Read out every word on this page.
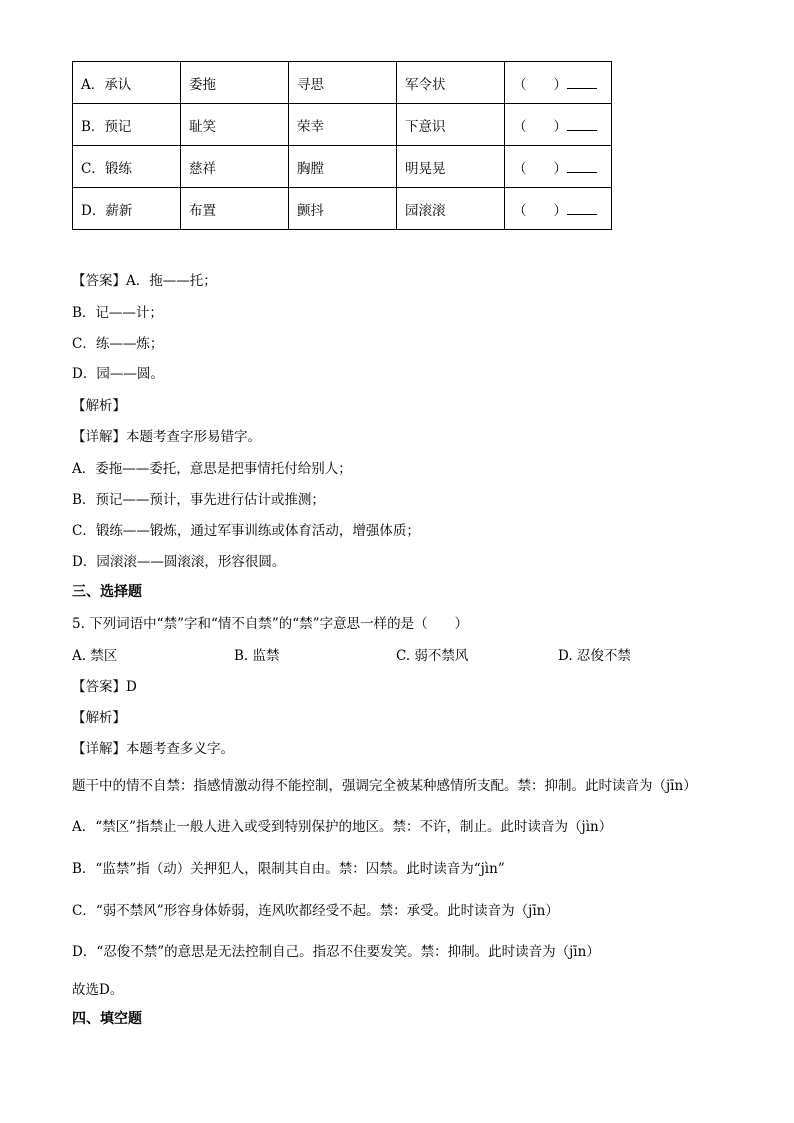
A．承认	委拖	寻思	军令状	（　　）
B．预记	耻笑	荣幸	下意识	（　　）
C．锻练	慈祥	胸膛	明晃晃	（　　）
D．薪新	布置	颤抖	园滚滚	（　　）
【答案】A．拖——托；
B．记——计；
C．练——炼；
D．园——圆。
【解析】
【详解】本题考查字形易错字。
A．委拖——委托，意思是把事情托付给别人；
B．预记——预计，事先进行估计或推测；
C．锻练——锻炼，通过军事训练或体育活动，增强体质；
D．园滚滚——圆滚滚，形容很圆。
三、选择题
5. 下列词语中“禁”字和“情不自禁”的“禁”字意思一样的是（　　）
A. 禁区	B. 监禁	C. 弱不禁风	D. 忍俊不禁
【答案】D
【解析】
【详解】本题考查多义字。
题干中的情不自禁：指感情激动得不能控制，强调完全被某种感情所支配。禁：抑制。此时读音为（jīn）
A．“禁区”指禁止一般人进入或受到特别保护的地区。禁：不许，制止。此时读音为（jìn）
B．“监禁”指（动）关押犯人，限制其自由。禁：囚禁。此时读音为“jìn”
C．“弱不禁风”形容身体娇弱，连风吹都经受不起。禁：承受。此时读音为（jīn）
D．“忍俊不禁”的意思是无法控制自己。指忍不住要发笑。禁：抑制。此时读音为（jīn）
故选D。
四、填空题
